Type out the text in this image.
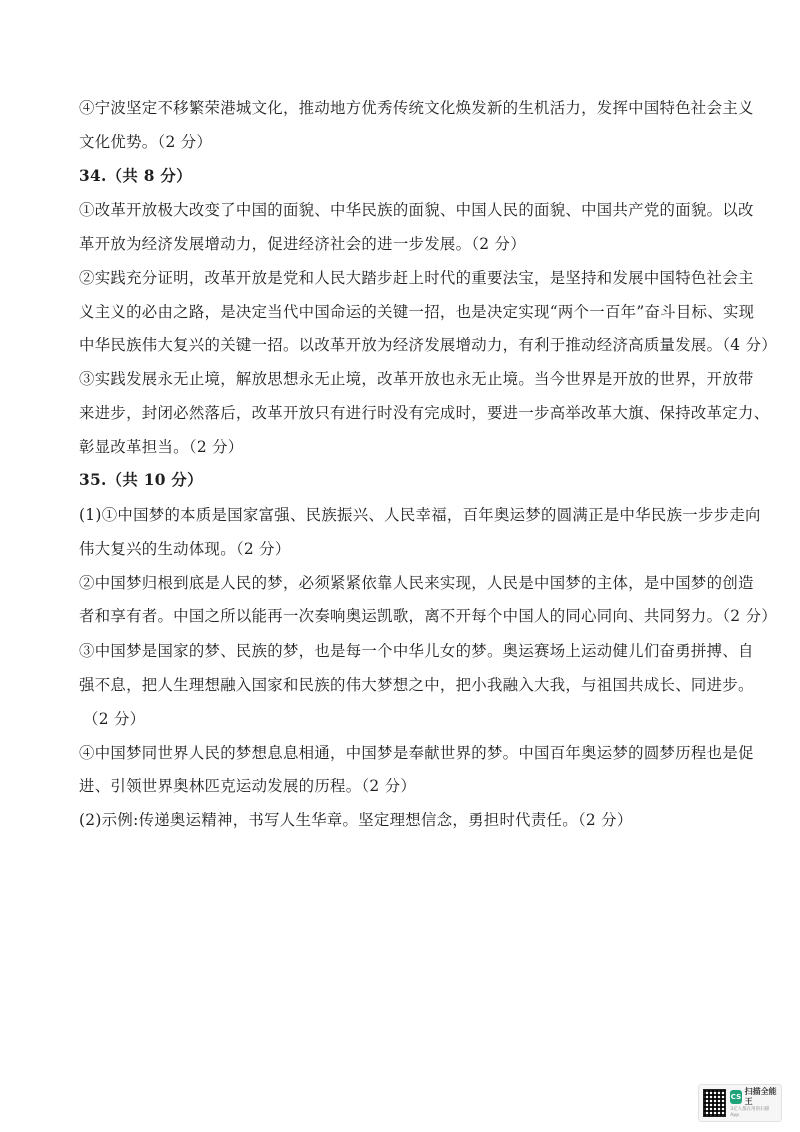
④宁波坚定不移繁荣港城文化，推动地方优秀传统文化焕发新的生机活力，发挥中国特色社会主义
文化优势。（2 分）
34.（共 8 分）
①改革开放极大改变了中国的面貌、中华民族的面貌、中国人民的面貌、中国共产党的面貌。以改
革开放为经济发展增动力，促进经济社会的进一步发展。（2 分）
②实践充分证明，改革开放是党和人民大踏步赶上时代的重要法宝，是坚持和发展中国特色社会主
义主义的必由之路，是决定当代中国命运的关键一招，也是决定实现“两个一百年”奋斗目标、实现
中华民族伟大复兴的关键一招。以改革开放为经济发展增动力，有利于推动经济高质量发展。（4 分）
③实践发展永无止境，解放思想永无止境，改革开放也永无止境。当今世界是开放的世界，开放带
来进步，封闭必然落后，改革开放只有进行时没有完成时，要进一步高举改革大旗、保持改革定力、
彰显改革担当。（2 分）
35.（共 10 分）
(1)①中国梦的本质是国家富强、民族振兴、人民幸福，百年奥运梦的圆满正是中华民族一步步走向
伟大复兴的生动体现。（2 分）
②中国梦归根到底是人民的梦，必须紧紧依靠人民来实现，人民是中国梦的主体，是中国梦的创造
者和享有者。中国之所以能再一次奏响奥运凯歌，离不开每个中国人的同心同向、共同努力。（2 分）
③中国梦是国家的梦、民族的梦，也是每一个中华儿女的梦。奥运赛场上运动健儿们奋勇拼搏、自
强不息，把人生理想融入国家和民族的伟大梦想之中，把小我融入大我，与祖国共成长、同进步。
（2 分）
④中国梦同世界人民的梦想息息相通，中国梦是奉献世界的梦。中国百年奥运梦的圆梦历程也是促
进、引领世界奥林匹克运动发展的历程。（2 分）
(2)示例:传递奥运精神，书写人生华章。坚定理想信念，勇担时代责任。（2 分）
CS
扫描全能王
3亿人都在用的扫描App
